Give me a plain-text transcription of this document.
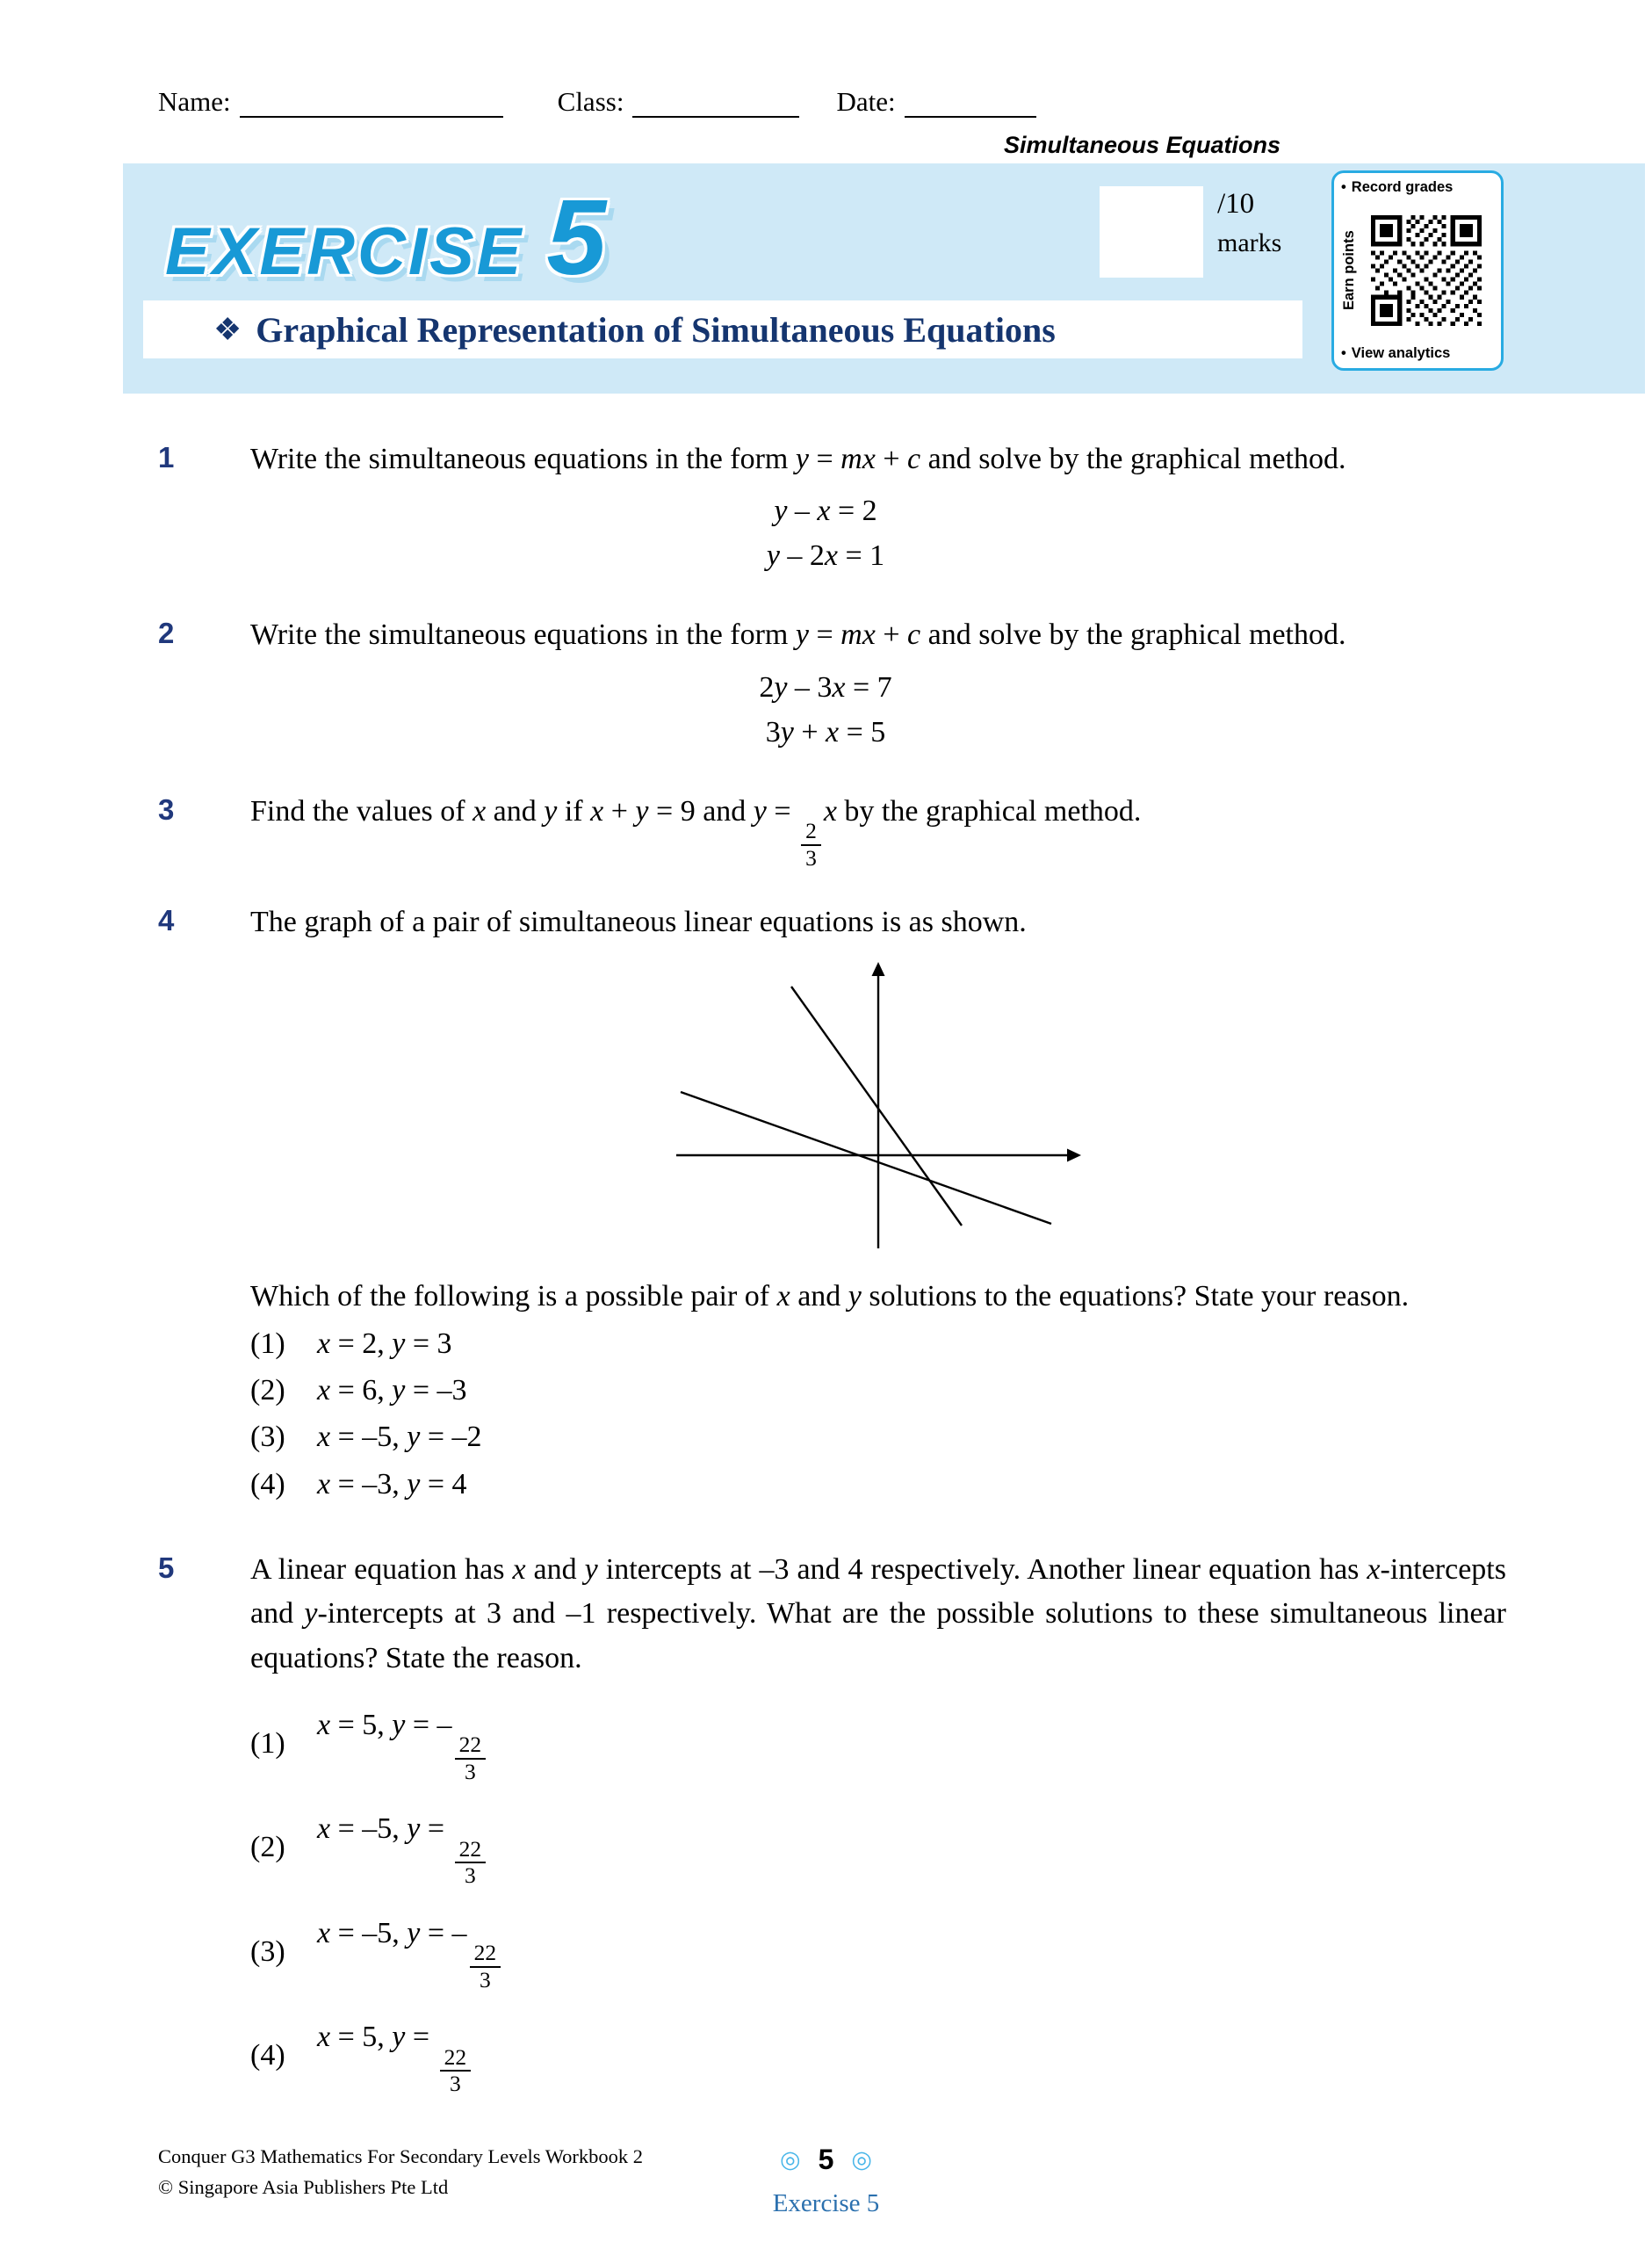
Name:	Class:	Date:
Simultaneous Equations
EXERCISE 5	/10
marks
• Record grades
Earn points
• View analytics
❖ Graphical Representation of Simultaneous Equations
1	Write the simultaneous equations in the form y = mx + c and solve by the graphical method.
y – x = 2
y – 2x = 1
2	Write the simultaneous equations in the form y = mx + c and solve by the graphical method.
2y – 3x = 7
3y + x = 5
3	Find the values of x and y if x + y = 9 and y =
$\frac{2}{3}$
x by the graphical method.
4	The graph of a pair of simultaneous linear equations is as shown.
Which of the following is a possible pair of x and y solutions to the equations? State your reason.
(1)	x = 2, y = 3
(2)	x = 6, y = –3
(3)	x = –5, y = –2
(4)	x = –3, y = 4
5	A linear equation has x and y intercepts at –3 and 4 respectively. Another linear equation has x-intercepts and y-intercepts at 3 and –1 respectively. What are the possible solutions to these simultaneous linear equations? State the reason.
(1)
x = 5, y = –
$\frac{22}{3}$
(2)
x = –5, y =
$\frac{22}{3}$
(3)
x = –5, y = –
$\frac{22}{3}$
(4)
x = 5, y =
$\frac{22}{3}$
Conquer G3 Mathematics For Secondary Levels Workbook 2
© Singapore Asia Publishers Pte Ltd
◎ 5 ◎
Exercise 5
